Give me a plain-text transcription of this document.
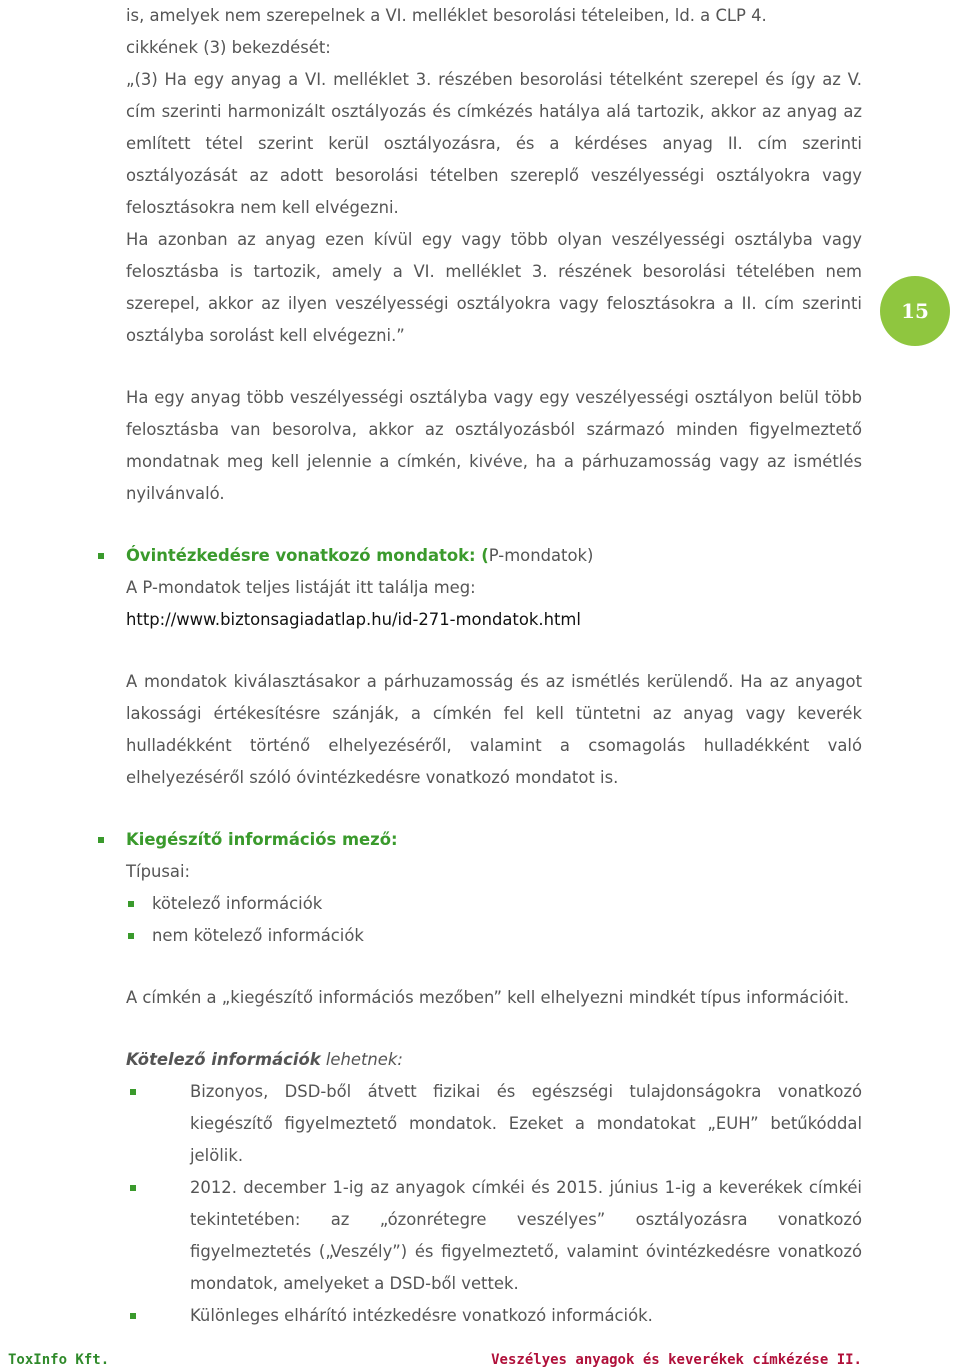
is, amelyek nem szerepelnek a VI. melléklet besorolási tételeiben, ld. a CLP 4.

cikkének (3) bekezdését:

„(3) Ha egy anyag a VI. melléklet 3. részében besorolási tételként szerepel és így az V. cím szerinti harmonizált osztályozás és címkézés hatálya alá tartozik, akkor az anyag az említett tétel szerint kerül osztályozásra, és a kérdéses anyag II. cím szerinti osztályozását az adott besorolási tételben szereplő veszélyességi osztályokra vagy felosztásokra nem kell elvégezni.

Ha azonban az anyag ezen kívül egy vagy több olyan veszélyességi osztályba vagy felosztásba is tartozik, amely a VI. melléklet 3. részének besorolási tételében nem szerepel, akkor az ilyen veszélyességi osztályokra vagy felosztásokra a II. cím szerinti osztályba sorolást kell elvégezni.”

Ha egy anyag több veszélyességi osztályba vagy egy veszélyességi osztályon belül több felosztásba van besorolva, akkor az osztályozásból származó minden figyelmeztető mondatnak meg kell jelennie a címkén, kivéve, ha a párhuzamosság vagy az ismétlés nyilvánvaló.

Óvintézkedésre vonatkozó mondatok: (P-mondatok)

A P-mondatok teljes listáját itt találja meg:

http://www.biztonsagiadatlap.hu/id-271-mondatok.html

A mondatok kiválasztásakor a párhuzamosság és az ismétlés kerülendő. Ha az anyagot lakossági értékesítésre szánják, a címkén fel kell tüntetni az anyag vagy keverék hulladékként történő elhelyezéséről, valamint a csomagolás hulladékként való elhelyezéséről szóló óvintézkedésre vonatkozó mondatot is.

Kiegészítő információs mező:

Típusai:

kötelező információk
nem kötelező információk

A címkén a „kiegészítő információs mezőben” kell elhelyezni mindkét típus információit.

Kötelező információk lehetnek:

Bizonyos, DSD-ből átvett fizikai és egészségi tulajdonságokra vonatkozó kiegészítő figyelmeztető mondatok. Ezeket a mondatokat „EUH” betűkóddal jelölik.
2012. december 1-ig az anyagok címkéi és 2015. június 1-ig a keverékek címkéi tekintetében: az „ózonrétegre veszélyes” osztályozásra vonatkozó figyelmeztetés („Veszély”) és figyelmeztető, valamint óvintézkedésre vonatkozó mondatok, amelyeket a DSD-ből vettek.
Különleges elhárító intézkedésre vonatkozó információk.
15
ToxInfo Kft.	Veszélyes anyagok és keverékek címkézése II.
